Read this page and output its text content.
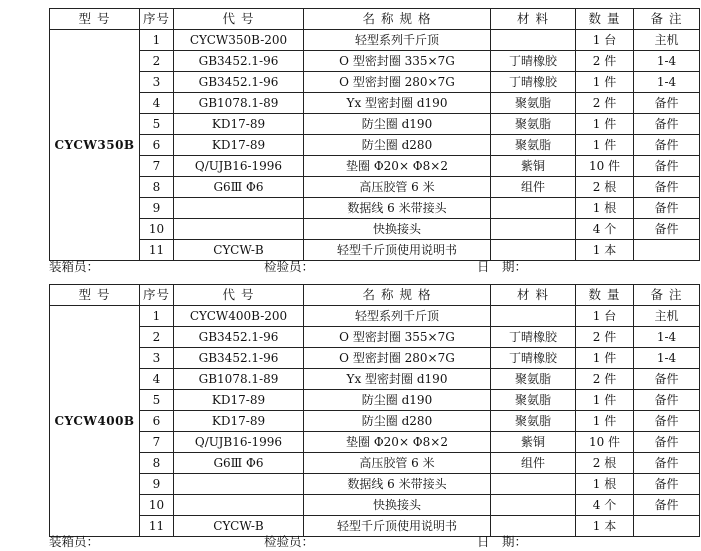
型 号	序号	代 号	名 称 规 格	材 料	数 量	备 注
CYCW350B	1	CYCW350B-200	轻型系列千斤顶		1 台	主机
	2	GB3452.1-96	O 型密封圈 335×7G	丁晴橡胶	2 件	1-4
	3	GB3452.1-96	O 型密封圈 280×7G	丁晴橡胶	1 件	1-4
	4	GB1078.1-89	Yx 型密封圈 d190	聚氨脂	2 件	备件
	5	KD17-89	防尘圈 d190	聚氨脂	1 件	备件
	6	KD17-89	防尘圈 d280	聚氨脂	1 件	备件
	7	Q/UJB16-1996	垫圈 Φ20× Φ8×2	紫铜	10 件	备件
	8	G6Ⅲ Φ6	高压胶管 6 米	组件	2 根	备件
	9		数据线 6 米带接头		1 根	备件
	10		快换接头		4 个	备件
	11	CYCW-B	轻型千斤顶使用说明书		1 本	
装箱员：	检验员：	日　期：
型 号	序号	代 号	名 称 规 格	材 料	数 量	备 注
CYCW400B	1	CYCW400B-200	轻型系列千斤顶		1 台	主机
	2	GB3452.1-96	O 型密封圈 355×7G	丁晴橡胶	2 件	1-4
	3	GB3452.1-96	O 型密封圈 280×7G	丁晴橡胶	1 件	1-4
	4	GB1078.1-89	Yx 型密封圈 d190	聚氨脂	2 件	备件
	5	KD17-89	防尘圈 d190	聚氨脂	1 件	备件
	6	KD17-89	防尘圈 d280	聚氨脂	1 件	备件
	7	Q/UJB16-1996	垫圈 Φ20× Φ8×2	紫铜	10 件	备件
	8	G6Ⅲ Φ6	高压胶管 6 米	组件	2 根	备件
	9		数据线 6 米带接头		1 根	备件
	10		快换接头		4 个	备件
	11	CYCW-B	轻型千斤顶使用说明书		1 本	
装箱员：	检验员：	日　期：
